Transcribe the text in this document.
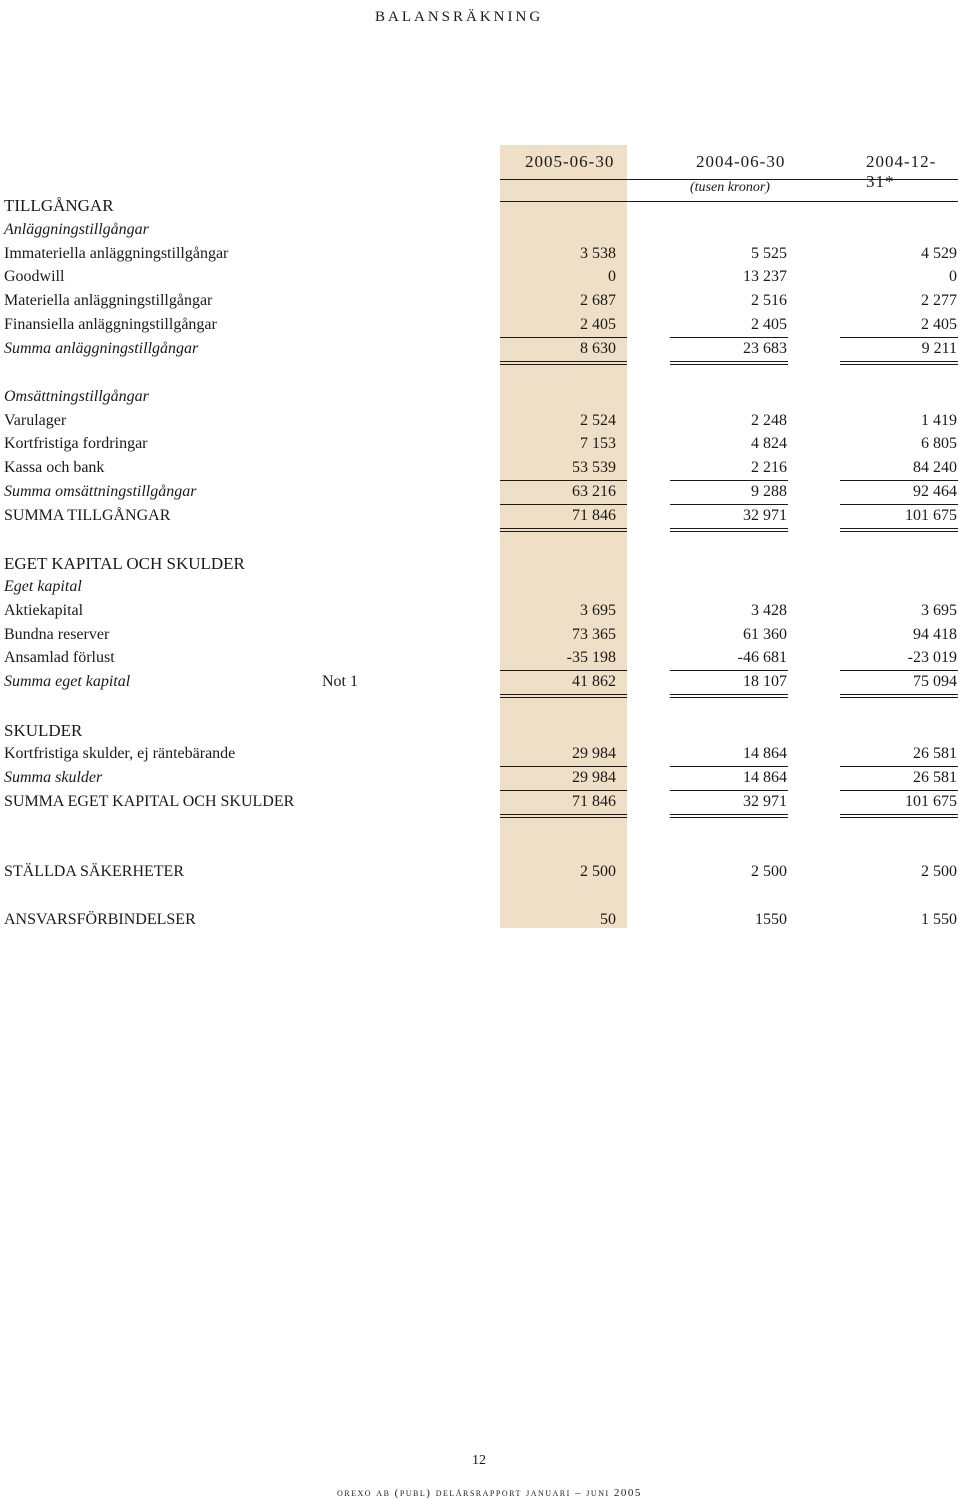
balansräkning
2005-06-30	2004-06-30	2004-12-31*
(tusen kronor)
TILLGÅNGAR
Anläggningstillgångar
Immateriella anläggningstillgångar	3 538	5 525	4 529
Goodwill	0	13 237	0
Materiella anläggningstillgångar	2 687	2 516	2 277
Finansiella anläggningstillgångar	2 405	2 405	2 405
Summa anläggningstillgångar	8 630	23 683	9 211
Omsättningstillgångar
Varulager	2 524	2 248	1 419
Kortfristiga fordringar	7 153	4 824	6 805
Kassa och bank	53 539	2 216	84 240
Summa omsättningstillgångar	63 216	9 288	92 464
SUMMA TILLGÅNGAR	71 846	32 971	101 675
EGET KAPITAL OCH SKULDER
Eget kapital
Aktiekapital	3 695	3 428	3 695
Bundna reserver	73 365	61 360	94 418
Ansamlad förlust	-35 198	-46 681	-23 019
Summa eget kapital	Not 1	41 862	18 107	75 094
SKULDER
Kortfristiga skulder, ej räntebärande	29 984	14 864	26 581
Summa skulder	29 984	14 864	26 581
SUMMA EGET KAPITAL OCH SKULDER	71 846	32 971	101 675
STÄLLDA SÄKERHETER	2 500	2 500	2 500
ANSVARSFÖRBINDELSER	50	1550	1 550
12
orexo ab (publ) delårsrapport januari – juni 2005
